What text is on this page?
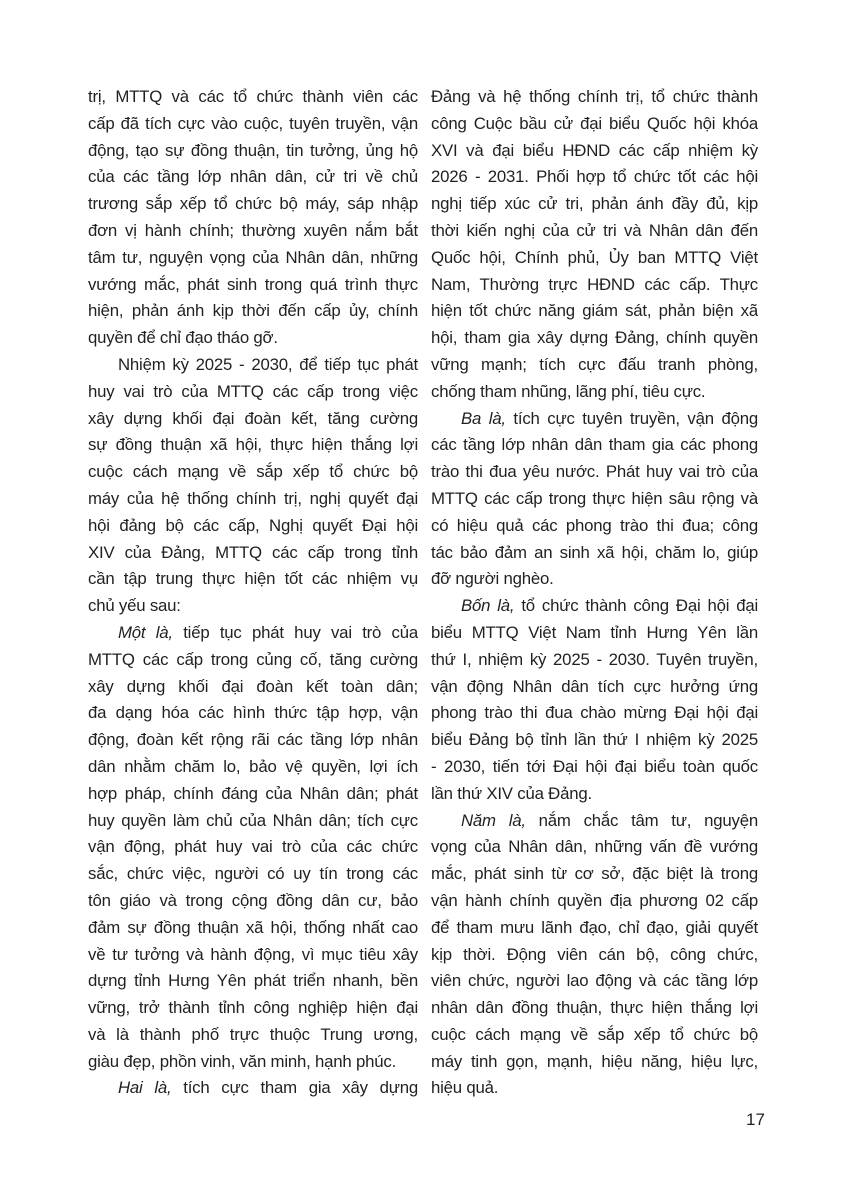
trị, MTTQ và các tổ chức thành viên các
cấp đã tích cực vào cuộc, tuyên truyền, vận
động, tạo sự đồng thuận, tin tưởng, ủng hộ
của các tầng lớp nhân dân, cử tri về chủ
trương sắp xếp tổ chức bộ máy, sáp nhập
đơn vị hành chính; thường xuyên nắm bắt
tâm tư, nguyện vọng của Nhân dân, những
vướng mắc, phát sinh trong quá trình thực
hiện, phản ánh kịp thời đến cấp ủy, chính
quyền để chỉ đạo tháo gỡ.
Nhiệm kỳ 2025 - 2030, để tiếp tục phát
huy vai trò của MTTQ các cấp trong việc
xây dựng khối đại đoàn kết, tăng cường
sự đồng thuận xã hội, thực hiện thắng lợi
cuộc cách mạng về sắp xếp tổ chức bộ
máy của hệ thống chính trị, nghị quyết đại
hội đảng bộ các cấp, Nghị quyết Đại hội
XIV của Đảng, MTTQ các cấp trong tỉnh
cần tập trung thực hiện tốt các nhiệm vụ
chủ yếu sau:
Một là, tiếp tục phát huy vai trò của
MTTQ các cấp trong củng cố, tăng cường
xây dựng khối đại đoàn kết toàn dân;
đa dạng hóa các hình thức tập hợp, vận
động, đoàn kết rộng rãi các tầng lớp nhân
dân nhằm chăm lo, bảo vệ quyền, lợi ích
hợp pháp, chính đáng của Nhân dân; phát
huy quyền làm chủ của Nhân dân; tích cực
vận động, phát huy vai trò của các chức
sắc, chức việc, người có uy tín trong các
tôn giáo và trong cộng đồng dân cư, bảo
đảm sự đồng thuận xã hội, thống nhất cao
về tư tưởng và hành động, vì mục tiêu xây
dựng tỉnh Hưng Yên phát triển nhanh, bền
vững, trở thành tỉnh công nghiệp hiện đại
và là thành phố trực thuộc Trung ương,
giàu đẹp, phồn vinh, văn minh, hạnh phúc.
Hai là, tích cực tham gia xây dựng
Đảng và hệ thống chính trị, tổ chức thành
công Cuộc bầu cử đại biểu Quốc hội khóa
XVI và đại biểu HĐND các cấp nhiệm kỳ
2026 - 2031. Phối hợp tổ chức tốt các hội
nghị tiếp xúc cử tri, phản ánh đầy đủ, kịp
thời kiến nghị của cử tri và Nhân dân đến
Quốc hội, Chính phủ, Ủy ban MTTQ Việt
Nam, Thường trực HĐND các cấp. Thực
hiện tốt chức năng giám sát, phản biện xã
hội, tham gia xây dựng Đảng, chính quyền
vững mạnh; tích cực đấu tranh phòng,
chống tham nhũng, lãng phí, tiêu cực.
Ba là, tích cực tuyên truyền, vận động
các tầng lớp nhân dân tham gia các phong
trào thi đua yêu nước. Phát huy vai trò của
MTTQ các cấp trong thực hiện sâu rộng và
có hiệu quả các phong trào thi đua; công
tác bảo đảm an sinh xã hội, chăm lo, giúp
đỡ người nghèo.
Bốn là, tổ chức thành công Đại hội đại
biểu MTTQ Việt Nam tỉnh Hưng Yên lần
thứ I, nhiệm kỳ 2025 - 2030. Tuyên truyền,
vận động Nhân dân tích cực hưởng ứng
phong trào thi đua chào mừng Đại hội đại
biểu Đảng bộ tỉnh lần thứ I nhiệm kỳ 2025
- 2030, tiến tới Đại hội đại biểu toàn quốc
lần thứ XIV của Đảng.
Năm là, nắm chắc tâm tư, nguyện
vọng của Nhân dân, những vấn đề vướng
mắc, phát sinh từ cơ sở, đặc biệt là trong
vận hành chính quyền địa phương 02 cấp
để tham mưu lãnh đạo, chỉ đạo, giải quyết
kịp thời. Động viên cán bộ, công chức,
viên chức, người lao động và các tầng lớp
nhân dân đồng thuận, thực hiện thắng lợi
cuộc cách mạng về sắp xếp tổ chức bộ
máy tinh gọn, mạnh, hiệu năng, hiệu lực,
hiệu quả.
17
